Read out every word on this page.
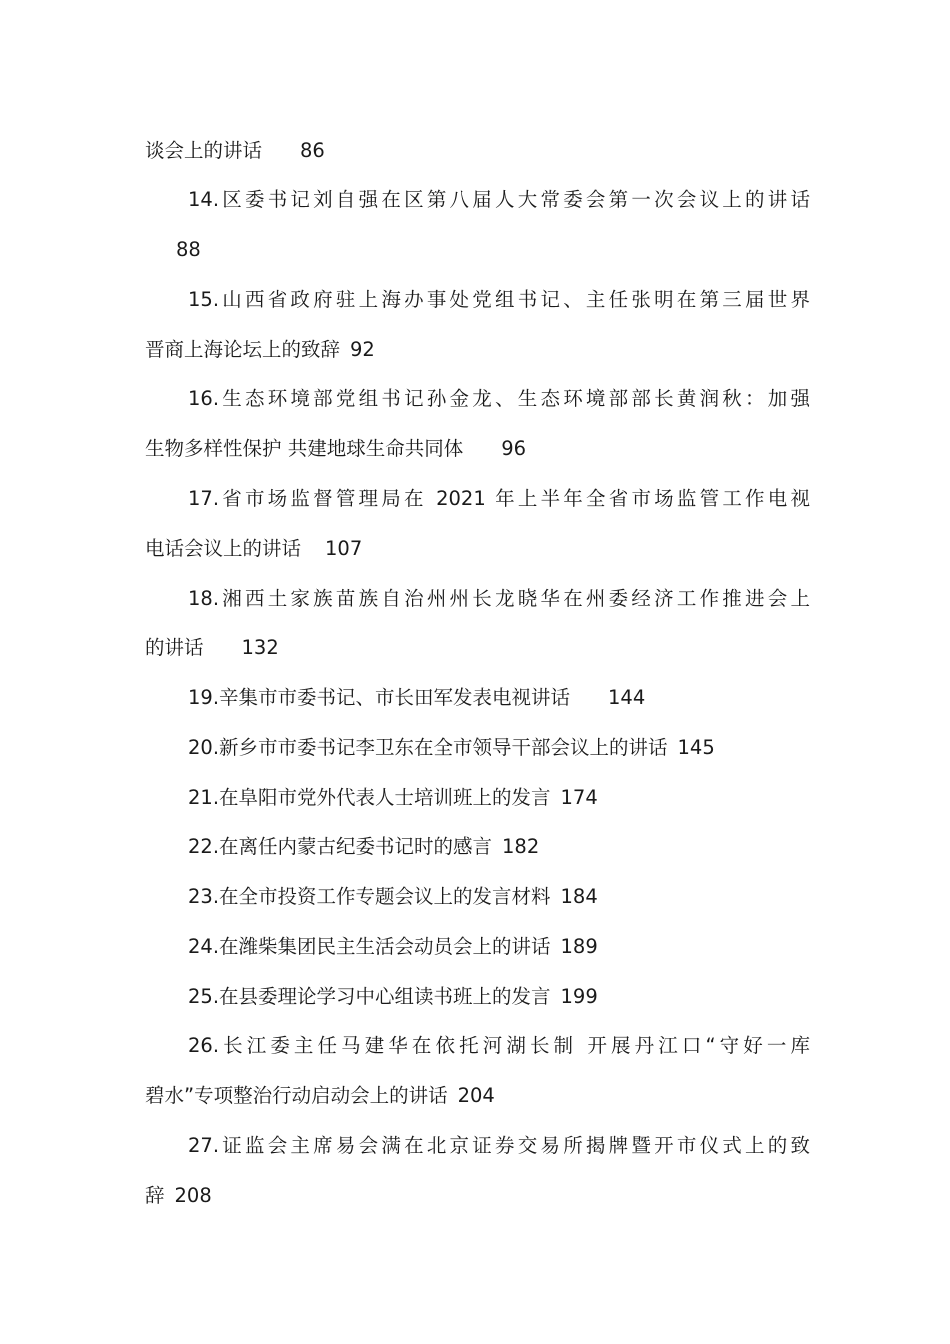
谈会上的讲话 86
14.区委书记刘自强在区第八届人大常委会第一次会议上的讲话
88
15.山西省政府驻上海办事处党组书记、主任张明在第三届世界
晋商上海论坛上的致辞 92
16.生态环境部党组书记孙金龙、生态环境部部长黄润秋：加强
生物多样性保护 共建地球生命共同体 96
17.省市场监督管理局在 2021 年上半年全省市场监管工作电视
电话会议上的讲话 107
18.湘西土家族苗族自治州州长龙晓华在州委经济工作推进会上
的讲话 132
19.辛集市市委书记、市长田军发表电视讲话 144
20.新乡市市委书记李卫东在全市领导干部会议上的讲话 145
21.在阜阳市党外代表人士培训班上的发言 174
22.在离任内蒙古纪委书记时的感言 182
23.在全市投资工作专题会议上的发言材料 184
24.在潍柴集团民主生活会动员会上的讲话 189
25.在县委理论学习中心组读书班上的发言 199
26.长江委主任马建华在依托河湖长制 开展丹江口“守好一库
碧水”专项整治行动启动会上的讲话 204
27.证监会主席易会满在北京证券交易所揭牌暨开市仪式上的致
辞 208
